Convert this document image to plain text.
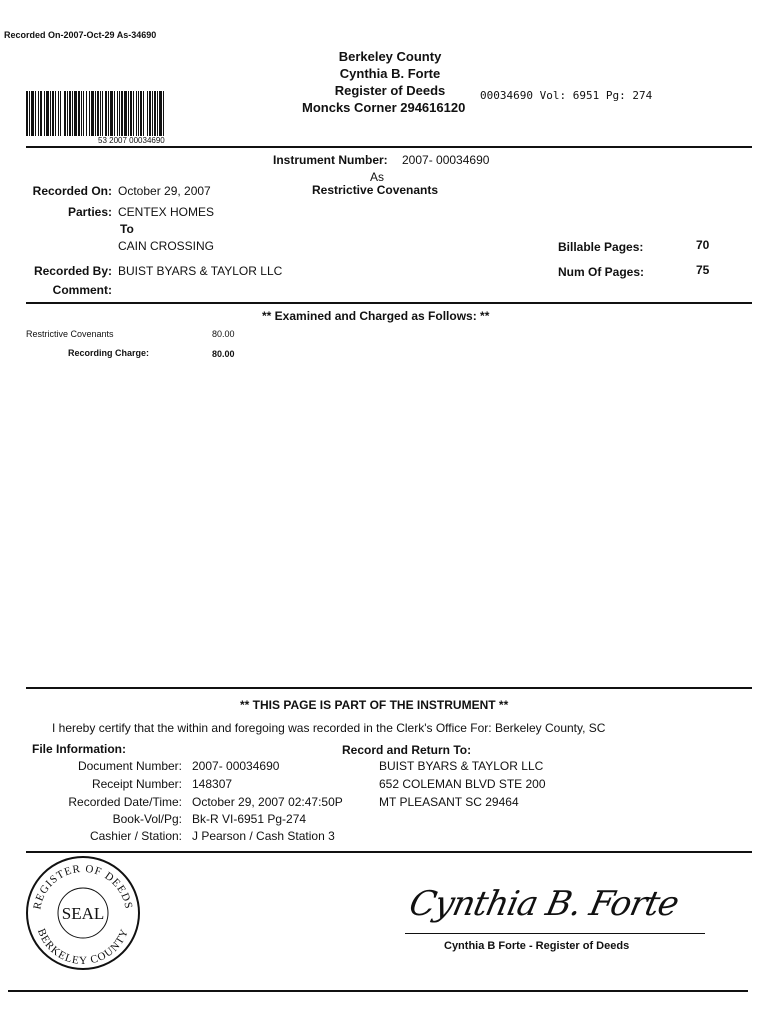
Recorded On-2007-Oct-29 As-34690
Berkeley County
Cynthia B. Forte
Register of Deeds
Moncks Corner 294616120
00034690 Vol: 6951 Pg: 274
53 2007 00034690
Instrument Number: 2007- 00034690
As
Restrictive Covenants
Recorded On: October 29, 2007
Parties: CENTEX HOMES
To
CAIN CROSSING	Billable Pages:	70
Recorded By: BUIST BYARS & TAYLOR LLC	Num Of Pages:	75
Comment:
** Examined and Charged as Follows: **
Restrictive Covenants	80.00
Recording Charge:	80.00
** THIS PAGE IS PART OF THE INSTRUMENT **
I hereby certify that the within and foregoing was recorded in the Clerk's Office For: Berkeley County, SC
File Information:
Document Number: 2007- 00034690
Receipt Number: 148307
Recorded Date/Time: October 29, 2007 02:47:50P
Book-Vol/Pg: Bk-R VI-6951 Pg-274
Cashier / Station: J Pearson / Cash Station 3
Record and Return To:
BUIST BYARS & TAYLOR LLC
652 COLEMAN BLVD STE 200
MT PLEASANT SC 29464
REGISTER OF DEEDS
BERKELEY COUNTY
SEAL	Cynthia B. Forte
Cynthia B Forte - Register of Deeds
